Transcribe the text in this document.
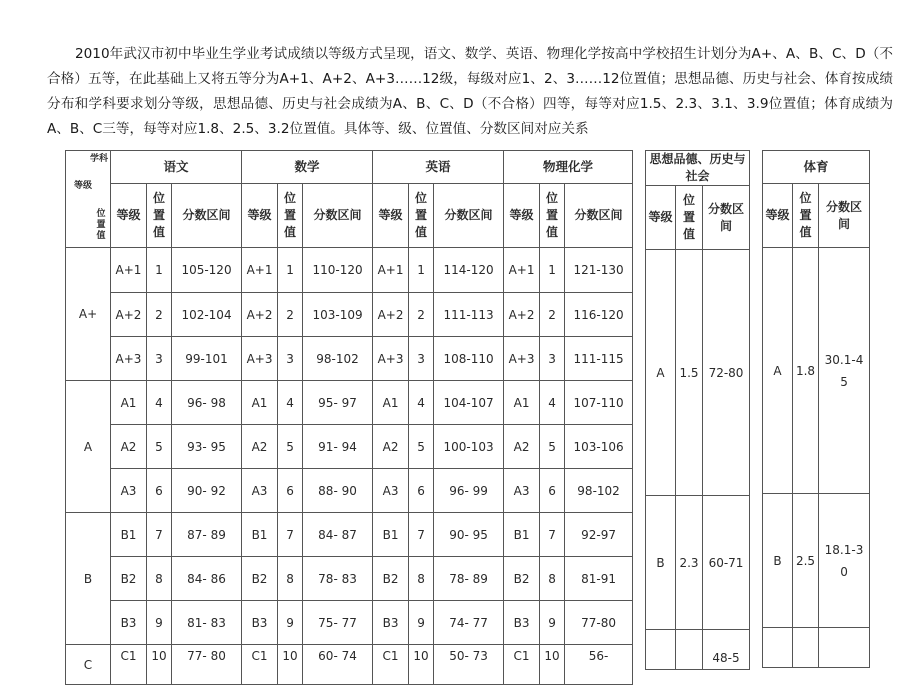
2010年武汉市初中毕业生学业考试成绩以等级方式呈现，语文、数学、英语、物理化学按高中学校招生计划分为A+、A、B、C、D（不合格）五等，在此基础上又将五等分为A+1、A+2、A+3……12级，每级对应1、2、3……12位置值；思想品德、历史与社会、体育按成绩分布和学科要求划分等级，思想品德、历史与社会成绩为A、B、C、D（不合格）四等，每等对应1.5、2.3、3.1、3.9位置值；体育成绩为A、B、C三等，每等对应1.8、2.5、3.2位置值。具体等、级、位置值、分数区间对应关系
学科
等级
位置值	语文			数学			英语			物理化学		
	等级	位置值	分数区间	等级	位置值	分数区间	等级	位置值	分数区间	等级	位置值	分数区间
A+	A+1	1	105-120	A+1	1	110-120	A+1	1	114-120	A+1	1	121-130
	A+2	2	102-104	A+2	2	103-109	A+2	2	111-113	A+2	2	116-120
	A+3	3	99-101	A+3	3	98-102	A+3	3	108-110	A+3	3	111-115
A	A1	4	96- 98	A1	4	95- 97	A1	4	104-107	A1	4	107-110
	A2	5	93- 95	A2	5	91- 94	A2	5	100-103	A2	5	103-106
	A3	6	90- 92	A3	6	88- 90	A3	6	96- 99	A3	6	98-102
B	B1	7	87- 89	B1	7	84- 87	B1	7	90- 95	B1	7	92-97
	B2	8	84- 86	B2	8	78- 83	B2	8	78- 89	B2	8	81-91
	B3	9	81- 83	B3	9	75- 77	B3	9	74- 77	B3	9	77-80
C	C1	10	77- 80	C1	10	60- 74	C1	10	50- 73	C1	10	56-
思想品德、历史与社会		
等级	位置值	分数区间
A	1.5	72-80
B	2.3	60-71
		48-5
体育		
等级	位置值	分数区间
A	1.8	30.1-45
B	2.5	18.1-30
